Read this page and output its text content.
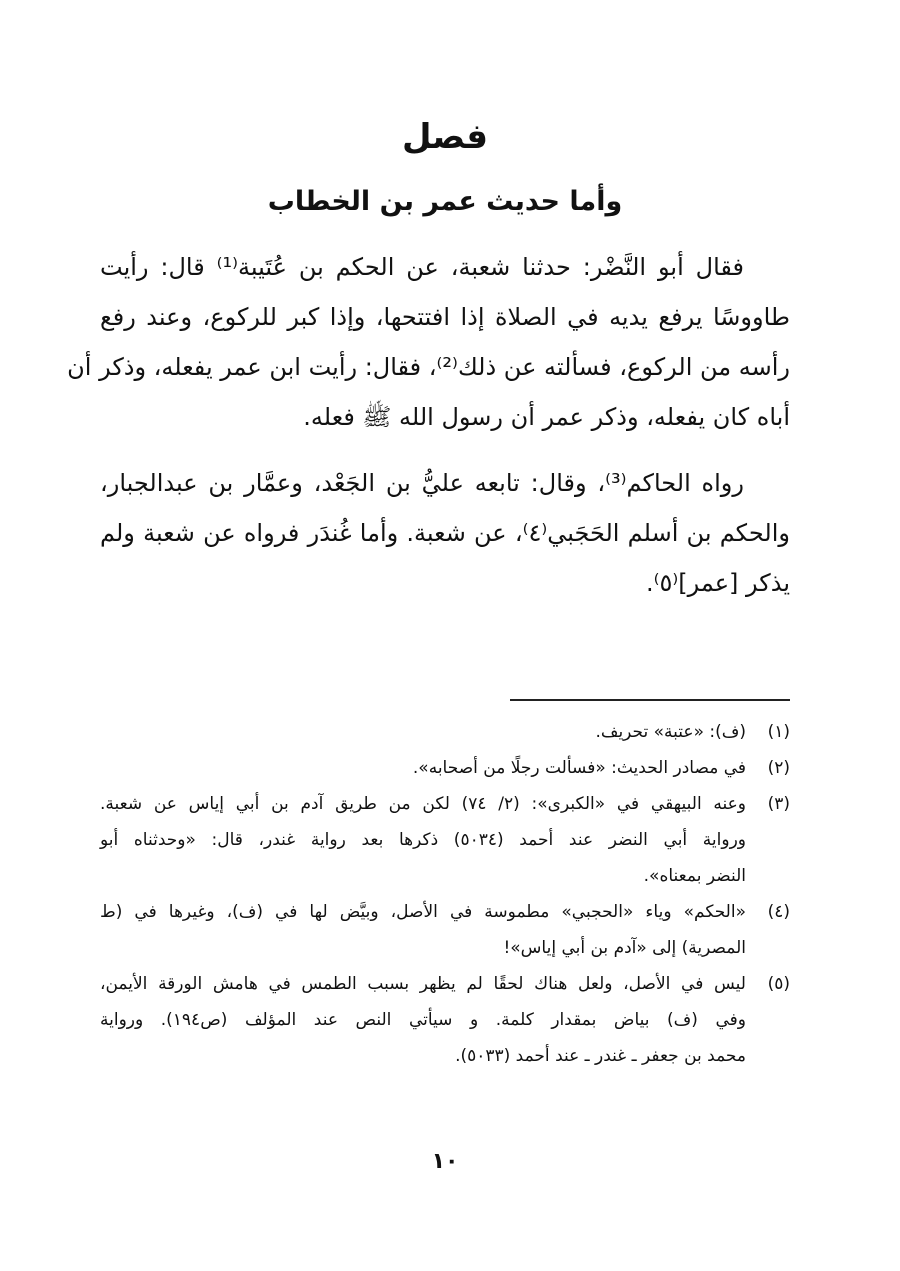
فصل
وأما حديث عمر بن الخطاب
فقال أبو النَّضْر: حدثنا شعبة، عن الحكم بن عُتَيبة⁽¹⁾ قال: رأيت
طاووسًا يرفع يديه في الصلاة إذا افتتحها، وإذا كبر للركوع، وعند رفع
رأسه من الركوع، فسألته عن ذلك⁽²⁾، فقال: رأيت ابن عمر يفعله، وذكر أن
أباه كان يفعله، وذكر عمر أن رسول الله ﷺ فعله.
رواه الحاكم⁽³⁾، وقال: تابعه عليُّ بن الجَعْد، وعمَّار بن عبدالجبار،
والحكم بن أسلم الحَجَبي⁽٤⁾، عن شعبة. وأما غُندَر فرواه عن شعبة ولم
يذكر [عمر]⁽٥⁾.
(١)
(ف): «عتبة» تحريف.
(٢)
في مصادر الحديث: «فسألت رجلًا من أصحابه».
(٣)
وعنه البيهقي في «الكبرى»: (٢/ ٧٤) لكن من طريق آدم بن أبي إياس عن شعبة.
ورواية أبي النضر عند أحمد (٥٠٣٤) ذكرها بعد رواية غندر، قال: «وحدثناه أبو
النضر بمعناه».
(٤)
«الحكم» وياء «الحجبي» مطموسة في الأصل، وبيَّض لها في (ف)، وغيرها في (ط
المصرية) إلى «آدم بن أبي إياس»!
(٥)
ليس في الأصل، ولعل هناك لحقًا لم يظهر بسبب الطمس في هامش الورقة الأيمن،
وفي (ف) بياض بمقدار كلمة. و سيأتي النص عند المؤلف (ص١٩٤). ورواية
محمد بن جعفر ـ غندر ـ عند أحمد (٥٠٣٣).
١٠
